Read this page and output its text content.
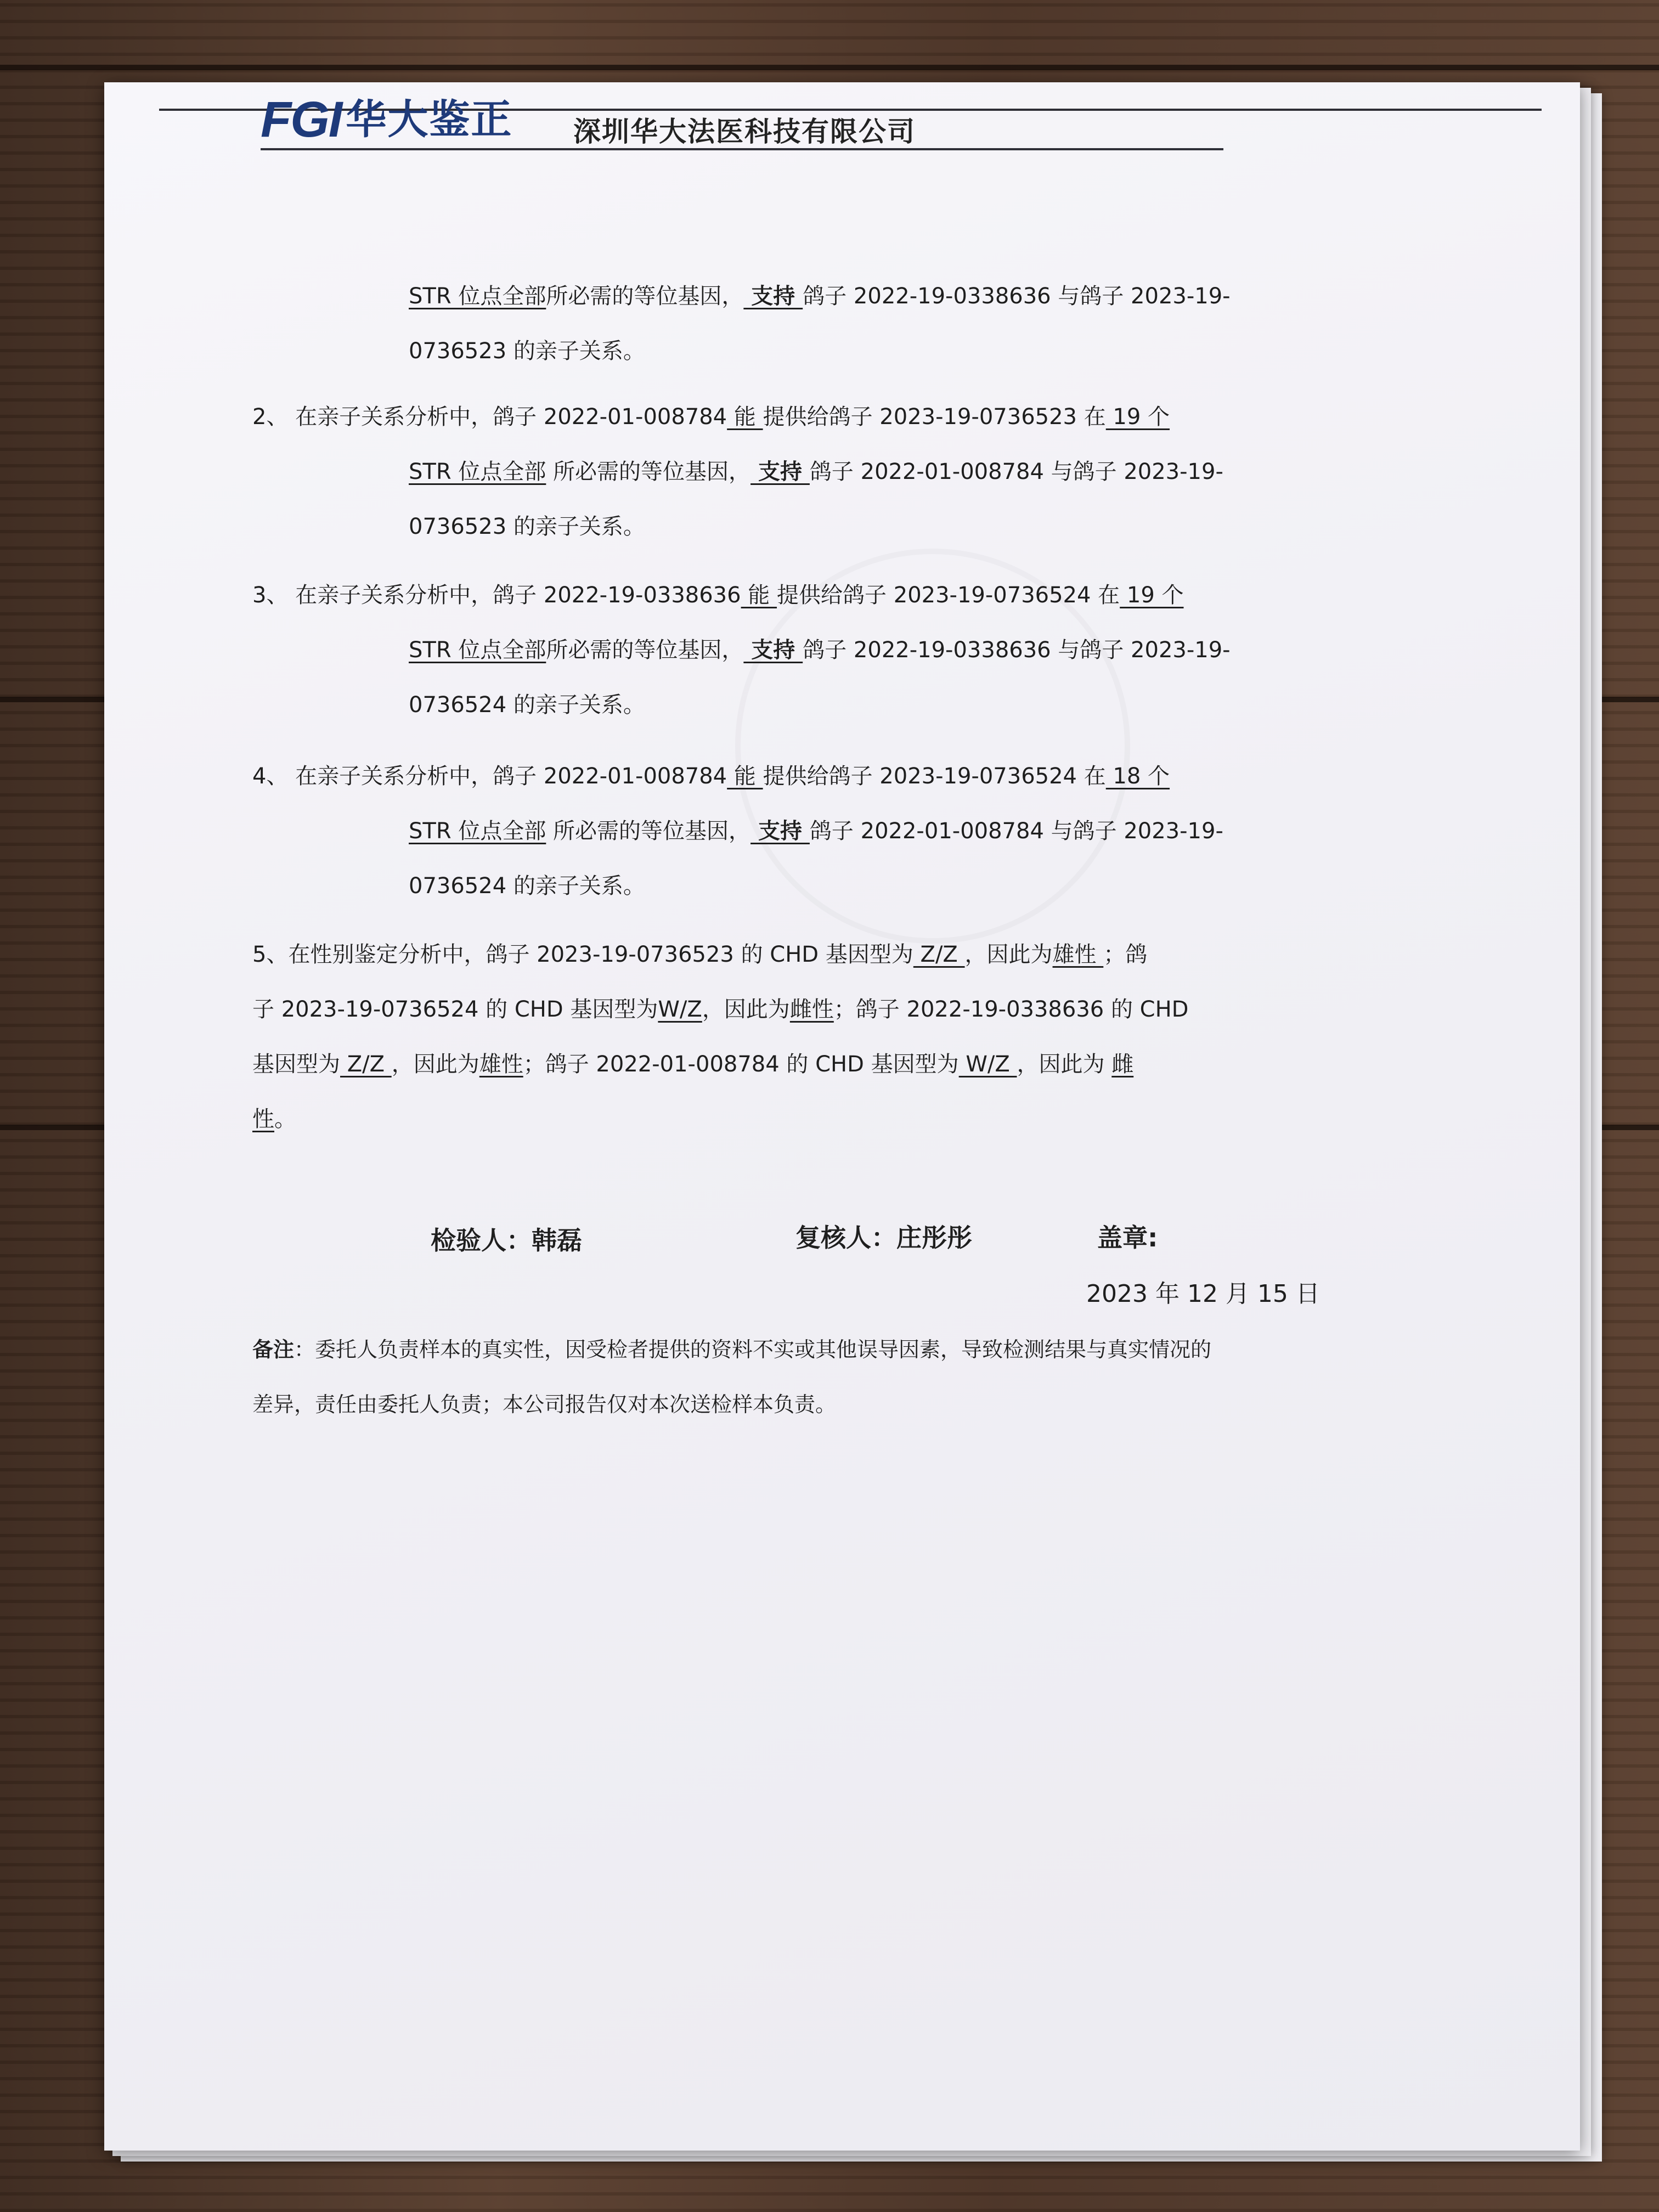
FGI 华大鉴正 深圳华大法医科技有限公司
STR 位点全部所必需的等位基因， 支持 鸽子 2022-19-0338636 与鸽子 2023-19-
0736523 的亲子关系。
2、 在亲子关系分析中，鸽子 2022-01-008784 能 提供给鸽子 2023-19-0736523 在 19 个
STR 位点全部 所必需的等位基因， 支持 鸽子 2022-01-008784 与鸽子 2023-19-
0736523 的亲子关系。
3、 在亲子关系分析中，鸽子 2022-19-0338636 能 提供给鸽子 2023-19-0736524 在 19 个
STR 位点全部所必需的等位基因， 支持 鸽子 2022-19-0338636 与鸽子 2023-19-
0736524 的亲子关系。
4、 在亲子关系分析中，鸽子 2022-01-008784 能 提供给鸽子 2023-19-0736524 在 18 个
STR 位点全部 所必需的等位基因， 支持 鸽子 2022-01-008784 与鸽子 2023-19-
0736524 的亲子关系。
5、在性别鉴定分析中，鸽子 2023-19-0736523 的 CHD 基因型为 Z/Z ，因此为雄性 ；鸽
子 2023-19-0736524 的 CHD 基因型为W/Z，因此为雌性；鸽子 2022-19-0338636 的 CHD
基因型为 Z/Z ，因此为雄性；鸽子 2022-01-008784 的 CHD 基因型为 W/Z ，因此为 雌
性。
检验人：韩磊	复核人：庄彤彤	盖章:
2023 年 12 月 15 日
备注：委托人负责样本的真实性，因受检者提供的资料不实或其他误导因素，导致检测结果与真实情况的
差异，责任由委托人负责；本公司报告仅对本次送检样本负责。
